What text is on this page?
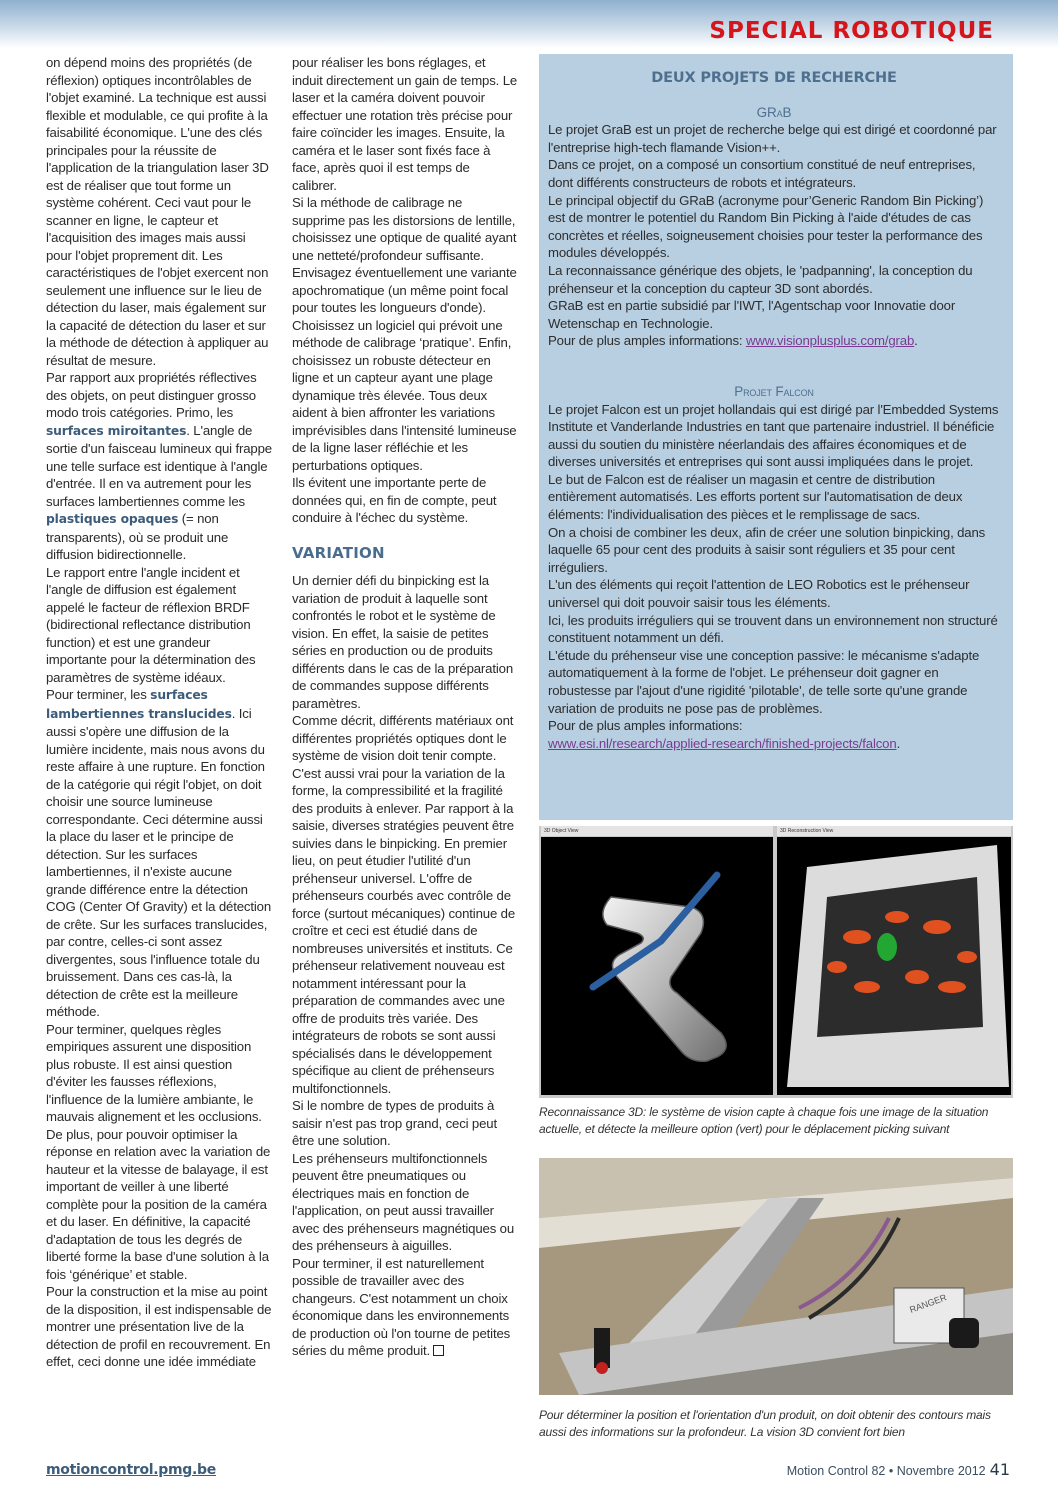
SPECIAL ROBOTIQUE

on dépend moins des propriétés (de réflexion) optiques incontrôlables de l'objet examiné. La technique est aussi flexible et modulable, ce qui profite à la faisabilité économique. L'une des clés principales pour la réussite de l'application de la triangulation laser 3D est de réaliser que tout forme un système cohérent. Ceci vaut pour le scanner en ligne, le capteur et l'acquisition des images mais aussi pour l'objet proprement dit. Les caractéristiques de l'objet exercent non seulement une influence sur le lieu de détection du laser, mais également sur la capacité de détection du laser et sur la méthode de détection à appliquer au résultat de mesure.

Par rapport aux propriétés réflectives des objets, on peut distinguer grosso modo trois catégories. Primo, les surfaces miroitantes. L'angle de sortie d'un faisceau lumineux qui frappe une telle surface est identique à l'angle d'entrée. Il en va autrement pour les surfaces lambertiennes comme les plastiques opaques (= non transparents), où se produit une diffusion bidirectionnelle.

Le rapport entre l'angle incident et l'angle de diffusion est également appelé le facteur de réflexion BRDF (bidirectional reflectance distribution function) et est une grandeur importante pour la détermination des paramètres de système idéaux.

Pour terminer, les surfaces lambertiennes translucides. Ici aussi s'opère une diffusion de la lumière incidente, mais nous avons du reste affaire à une rupture. En fonction de la catégorie qui régit l'objet, on doit choisir une source lumineuse correspondante. Ceci détermine aussi la place du laser et le principe de détection. Sur les surfaces lambertiennes, il n'existe aucune grande différence entre la détection COG (Center Of Gravity) et la détection de crête. Sur les surfaces translucides, par contre, celles-ci sont assez divergentes, sous l'influence totale du bruissement. Dans ces cas-là, la détection de crête est la meilleure méthode.

Pour terminer, quelques règles empiriques assurent une disposition plus robuste. Il est ainsi question d'éviter les fausses réflexions, l'influence de la lumière ambiante, le mauvais alignement et les occlusions. De plus, pour pouvoir optimiser la réponse en relation avec la variation de hauteur et la vitesse de balayage, il est important de veiller à une liberté complète pour la position de la caméra et du laser. En définitive, la capacité d'adaptation de tous les degrés de liberté forme la base d'une solution à la fois ‘générique’ et stable.

Pour la construction et la mise au point de la disposition, il est indispensable de montrer une présentation live de la détection de profil en recouvrement. En effet, ceci donne une idée immédiate

pour réaliser les bons réglages, et induit directement un gain de temps. Le laser et la caméra doivent pouvoir effectuer une rotation très précise pour faire coïncider les images. Ensuite, la caméra et le laser sont fixés face à face, après quoi il est temps de calibrer.

Si la méthode de calibrage ne supprime pas les distorsions de lentille, choisissez une optique de qualité ayant une netteté/profondeur suffisante. Envisagez éventuellement une variante apochromatique (un même point focal pour toutes les longueurs d'onde). Choisissez un logiciel qui prévoit une méthode de calibrage ‘pratique’. Enfin, choisissez un robuste détecteur en ligne et un capteur ayant une plage dynamique très élevée. Tous deux aident à bien affronter les variations imprévisibles dans l'intensité lumineuse de la ligne laser réfléchie et les perturbations optiques.

Ils évitent une importante perte de données qui, en fin de compte, peut conduire à l'échec du système.

VARIATION

Un dernier défi du binpicking est la variation de produit à laquelle sont confrontés le robot et le système de vision. En effet, la saisie de petites séries en production ou de produits différents dans le cas de la préparation de commandes suppose différents paramètres.

Comme décrit, différents matériaux ont différentes propriétés optiques dont le système de vision doit tenir compte. C'est aussi vrai pour la variation de la forme, la compressibilité et la fragilité des produits à enlever. Par rapport à la saisie, diverses stratégies peuvent être suivies dans le binpicking. En premier lieu, on peut étudier l'utilité d'un préhenseur universel. L'offre de préhenseurs courbés avec contrôle de force (surtout mécaniques) continue de croître et ceci est étudié dans de nombreuses universités et instituts. Ce préhenseur relativement nouveau est notamment intéressant pour la préparation de commandes avec une offre de produits très variée. Des intégrateurs de robots se sont aussi spécialisés dans le développement spécifique au client de préhenseurs multifonctionnels.

Si le nombre de types de produits à saisir n'est pas trop grand, ceci peut être une solution.

Les préhenseurs multifonctionnels peuvent être pneumatiques ou électriques mais en fonction de l'application, on peut aussi travailler avec des préhenseurs magnétiques ou des préhenseurs à aiguilles.

Pour terminer, il est naturellement possible de travailler avec des changeurs. C'est notamment un choix économique dans les environnements de production où l'on tourne de petites séries du même produit.

DEUX PROJETS DE RECHERCHE

GRaB

Le projet GraB est un projet de recherche belge qui est dirigé et coordonné par l'entreprise high-tech flamande Vision++.

Dans ce projet, on a composé un consortium constitué de neuf entreprises, dont différents constructeurs de robots et intégrateurs.

Le principal objectif du GRaB (acronyme pour’Generic Random Bin Picking’) est de montrer le potentiel du Random Bin Picking à l'aide d'études de cas concrètes et réelles, soigneusement choisies pour tester la performance des modules développés.

La reconnaissance générique des objets, le 'padpanning', la conception du préhenseur et la conception du capteur 3D sont abordés.

GRaB est en partie subsidié par l'IWT, l'Agentschap voor Innovatie door Wetenschap en Technologie.

Pour de plus amples informations: www.visionplusplus.com/grab.

Projet Falcon

Le projet Falcon est un projet hollandais qui est dirigé par l'Embedded Systems Institute et Vanderlande Industries en tant que partenaire industriel. Il bénéficie aussi du soutien du ministère néerlandais des affaires économiques et de diverses universités et entreprises qui sont aussi impliquées dans le projet.

Le but de Falcon est de réaliser un magasin et centre de distribution entièrement automatisés. Les efforts portent sur l'automatisation de deux éléments: l'individualisation des pièces et le remplissage de sacs.

On a choisi de combiner les deux, afin de créer une solution binpicking, dans laquelle 65 pour cent des produits à saisir sont réguliers et 35 pour cent irréguliers.

L'un des éléments qui reçoit l'attention de LEO Robotics est le préhenseur universel qui doit pouvoir saisir tous les éléments.

Ici, les produits irréguliers qui se trouvent dans un environnement non structuré constituent notamment un défi.

L'étude du préhenseur vise une conception passive: le mécanisme s'adapte automatiquement à la forme de l'objet. Le préhenseur doit gagner en robustesse par l'ajout d'une rigidité 'pilotable', de telle sorte qu'une grande variation de produits ne pose pas de problèmes.

Pour de plus amples informations:

www.esi.nl/research/applied-research/finished-projects/falcon.

3D Object View	3D Reconstruction View
Reconnaissance 3D: le système de vision capte à chaque fois une image de la situation actuelle, et détecte la meilleure option (vert) pour le déplacement picking suivant
RANGER
Pour déterminer la position et l'orientation d'un produit, on doit obtenir des contours mais aussi des informations sur la profondeur. La vision 3D convient fort bien
motioncontrol.pmg.be	Motion Control 82 • Novembre 2012 41
